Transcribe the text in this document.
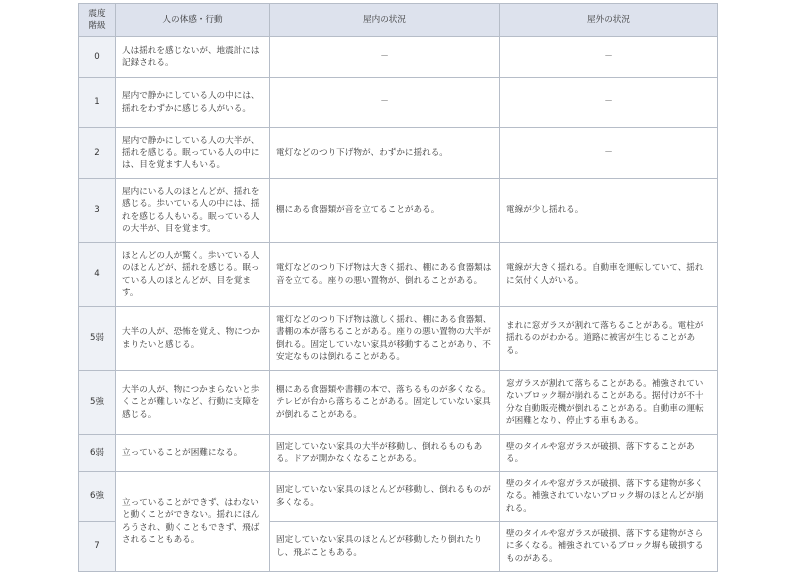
震度階級	人の体感・行動	屋内の状況	屋外の状況
0	人は揺れを感じないが、地震計には記録される。	－	－
1	屋内で静かにしている人の中には、揺れをわずかに感じる人がいる。	－	－
2	屋内で静かにしている人の大半が、揺れを感じる。眠っている人の中には、目を覚ます人もいる。	電灯などのつり下げ物が、わずかに揺れる。	－
3	屋内にいる人のほとんどが、揺れを感じる。歩いている人の中には、揺れを感じる人もいる。眠っている人の大半が、目を覚ます。	棚にある食器類が音を立てることがある。	電線が少し揺れる。
4	ほとんどの人が驚く。歩いている人のほとんどが、揺れを感じる。眠っている人のほとんどが、目を覚ます。	電灯などのつり下げ物は大きく揺れ、棚にある食器類は音を立てる。座りの悪い置物が、倒れることがある。	電線が大きく揺れる。自動車を運転していて、揺れに気付く人がいる。
5弱	大半の人が、恐怖を覚え、物につかまりたいと感じる。	電灯などのつり下げ物は激しく揺れ、棚にある食器類、書棚の本が落ちることがある。座りの悪い置物の大半が倒れる。固定していない家具が移動することがあり、不安定なものは倒れることがある。	まれに窓ガラスが割れて落ちることがある。電柱が揺れるのがわかる。道路に被害が生じることがある。
5強	大半の人が、物につかまらないと歩くことが難しいなど、行動に支障を感じる。	棚にある食器類や書棚の本で、落ちるものが多くなる。テレビが台から落ちることがある。固定していない家具が倒れることがある。	窓ガラスが割れて落ちることがある。補強されていないブロック塀が崩れることがある。据付けが不十分な自動販売機が倒れることがある。自動車の運転が困難となり、停止する車もある。
6弱	立っていることが困難になる。	固定していない家具の大半が移動し、倒れるものもある。ドアが開かなくなることがある。	壁のタイルや窓ガラスが破損、落下することがある。
6強	立っていることができず、はわないと動くことができない。揺れにほんろうされ、動くこともできず、飛ばされることもある。	固定していない家具のほとんどが移動し、倒れるものが多くなる。	壁のタイルや窓ガラスが破損、落下する建物が多くなる。補強されていないブロック塀のほとんどが崩れる。
7		固定していない家具のほとんどが移動したり倒れたりし、飛ぶこともある。	壁のタイルや窓ガラスが破損、落下する建物がさらに多くなる。補強されているブロック塀も破損するものがある。
